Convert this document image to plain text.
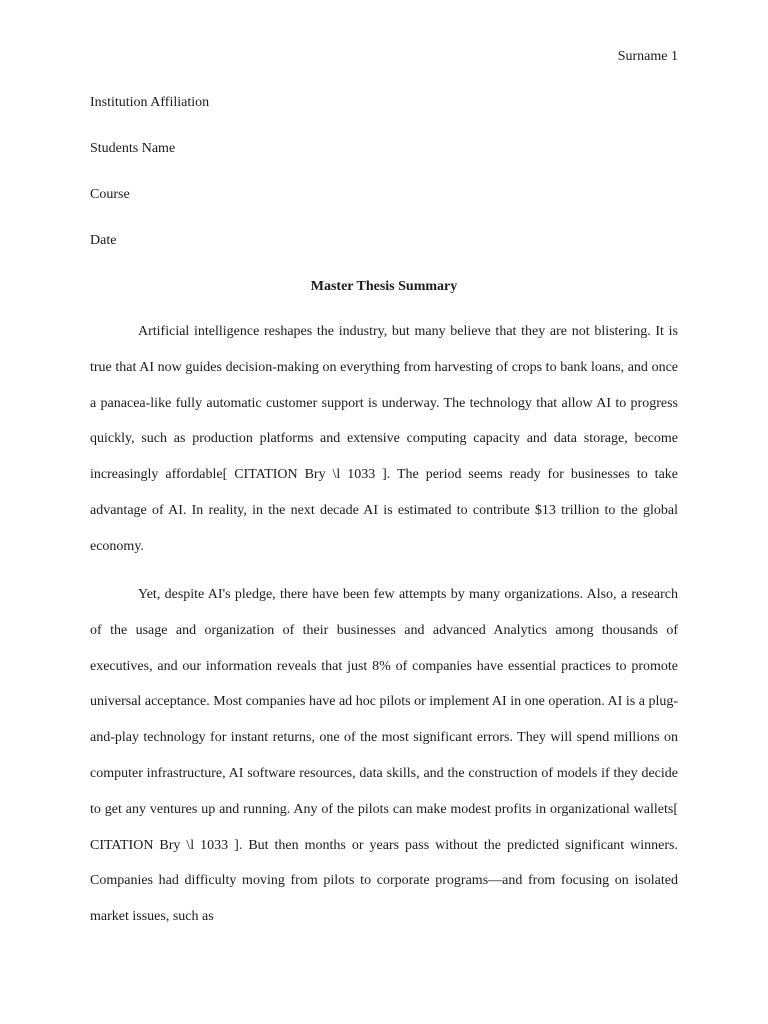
Surname 1
Institution Affiliation
Students Name
Course
Date
Master Thesis Summary

Artificial intelligence reshapes the industry, but many believe that they are not blistering. It is true that AI now guides decision-making on everything from harvesting of crops to bank loans, and once a panacea-like fully automatic customer support is underway. The technology that allow AI to progress quickly, such as production platforms and extensive computing capacity and data storage, become increasingly affordable[ CITATION Bry \l 1033 ]. The period seems ready for businesses to take advantage of AI. In reality, in the next decade AI is estimated to contribute $13 trillion to the global economy.

Yet, despite AI's pledge, there have been few attempts by many organizations. Also, a research of the usage and organization of their businesses and advanced Analytics among thousands of executives, and our information reveals that just 8% of companies have essential practices to promote universal acceptance. Most companies have ad hoc pilots or implement AI in one operation. AI is a plug-and-play technology for instant returns, one of the most significant errors. They will spend millions on computer infrastructure, AI software resources, data skills, and the construction of models if they decide to get any ventures up and running. Any of the pilots can make modest profits in organizational wallets[ CITATION Bry \l 1033 ]. But then months or years pass without the predicted significant winners. Companies had difficulty moving from pilots to corporate programs—and from focusing on isolated market issues, such as
